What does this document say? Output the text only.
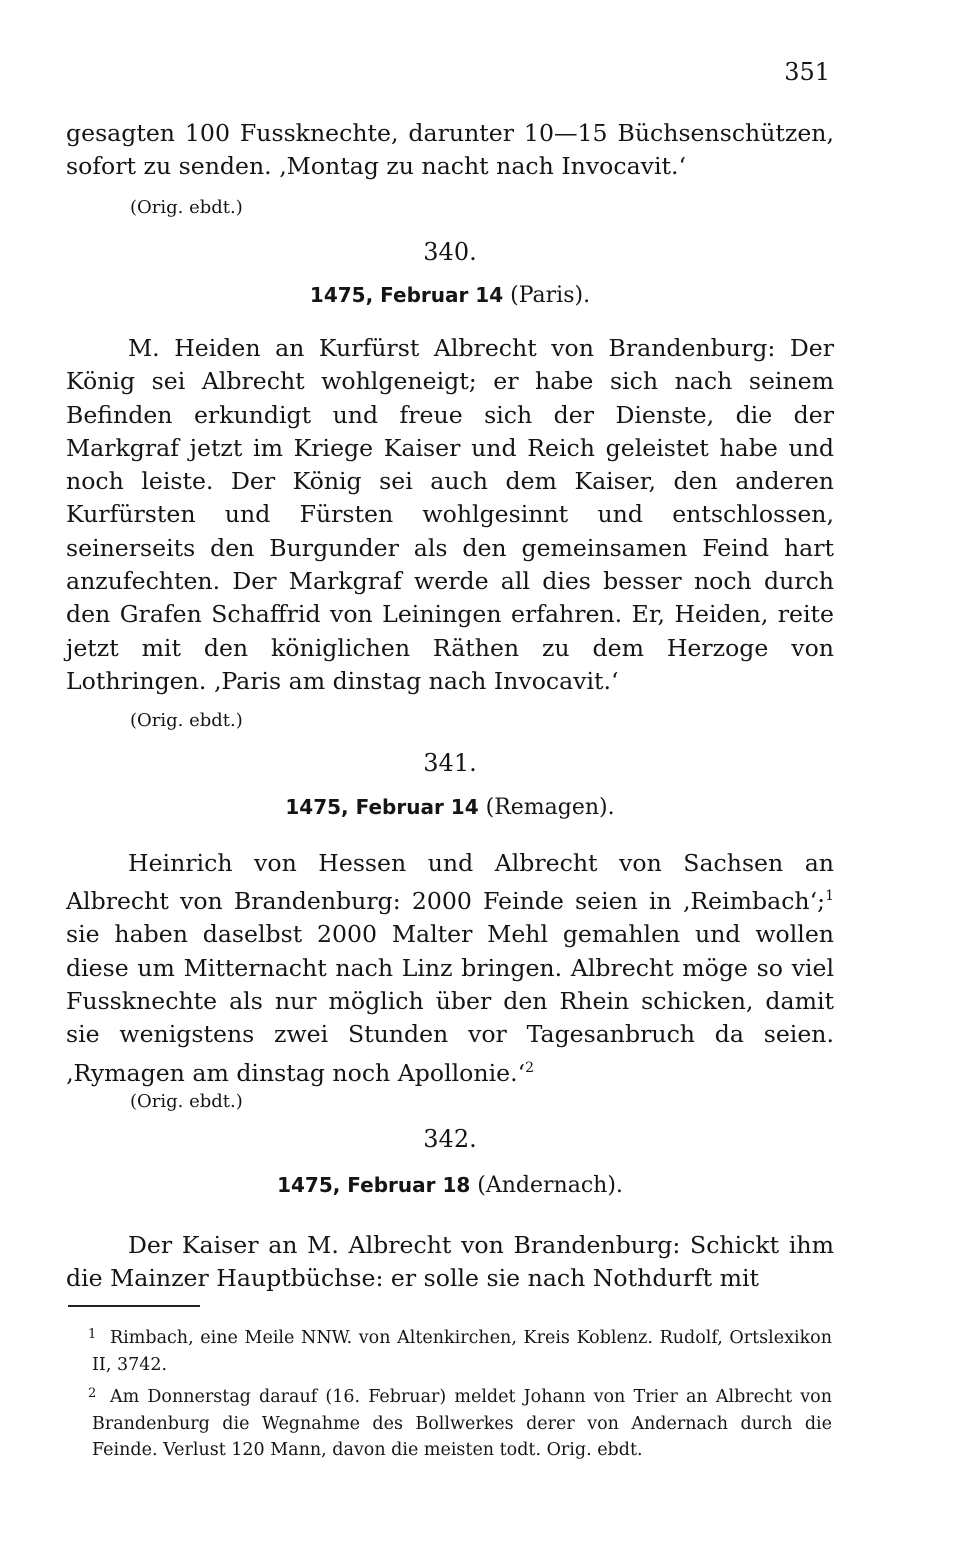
351
gesagten 100 Fussknechte, darunter 10—15 Büchsenschützen, sofort zu senden. ‚Montag zu nacht nach Invocavit.‘
(Orig. ebdt.)
340.
1475, Februar 14 (Paris).
M. Heiden an Kurfürst Albrecht von Brandenburg: Der König sei Albrecht wohlgeneigt; er habe sich nach seinem Befinden erkundigt und freue sich der Dienste, die der Markgraf jetzt im Kriege Kaiser und Reich geleistet habe und noch leiste. Der König sei auch dem Kaiser, den anderen Kurfürsten und Fürsten wohlgesinnt und entschlossen, seinerseits den Burgunder als den gemeinsamen Feind hart anzufechten. Der Markgraf werde all dies besser noch durch den Grafen Schaffrid von Leiningen erfahren. Er, Heiden, reite jetzt mit den königlichen Räthen zu dem Herzoge von Lothringen. ‚Paris am dinstag nach Invocavit.‘
(Orig. ebdt.)
341.
1475, Februar 14 (Remagen).
Heinrich von Hessen und Albrecht von Sachsen an Albrecht von Brandenburg: 2000 Feinde seien in ‚Reimbach‘;$^1$ sie haben daselbst 2000 Malter Mehl gemahlen und wollen diese um Mitternacht nach Linz bringen. Albrecht möge so viel Fussknechte als nur möglich über den Rhein schicken, damit sie wenigstens zwei Stunden vor Tagesanbruch da seien. ‚Rymagen am dinstag noch Apollonie.‘$^2$
(Orig. ebdt.)
342.
1475, Februar 18 (Andernach).
Der Kaiser an M. Albrecht von Brandenburg: Schickt ihm die Mainzer Hauptbüchse: er solle sie nach Nothdurft mit
1 Rimbach, eine Meile NNW. von Altenkirchen, Kreis Koblenz. Rudolf, Ortslexikon II, 3742.
2 Am Donnerstag darauf (16. Februar) meldet Johann von Trier an Albrecht von Brandenburg die Wegnahme des Bollwerkes derer von Andernach durch die Feinde. Verlust 120 Mann, davon die meisten todt. Orig. ebdt.
